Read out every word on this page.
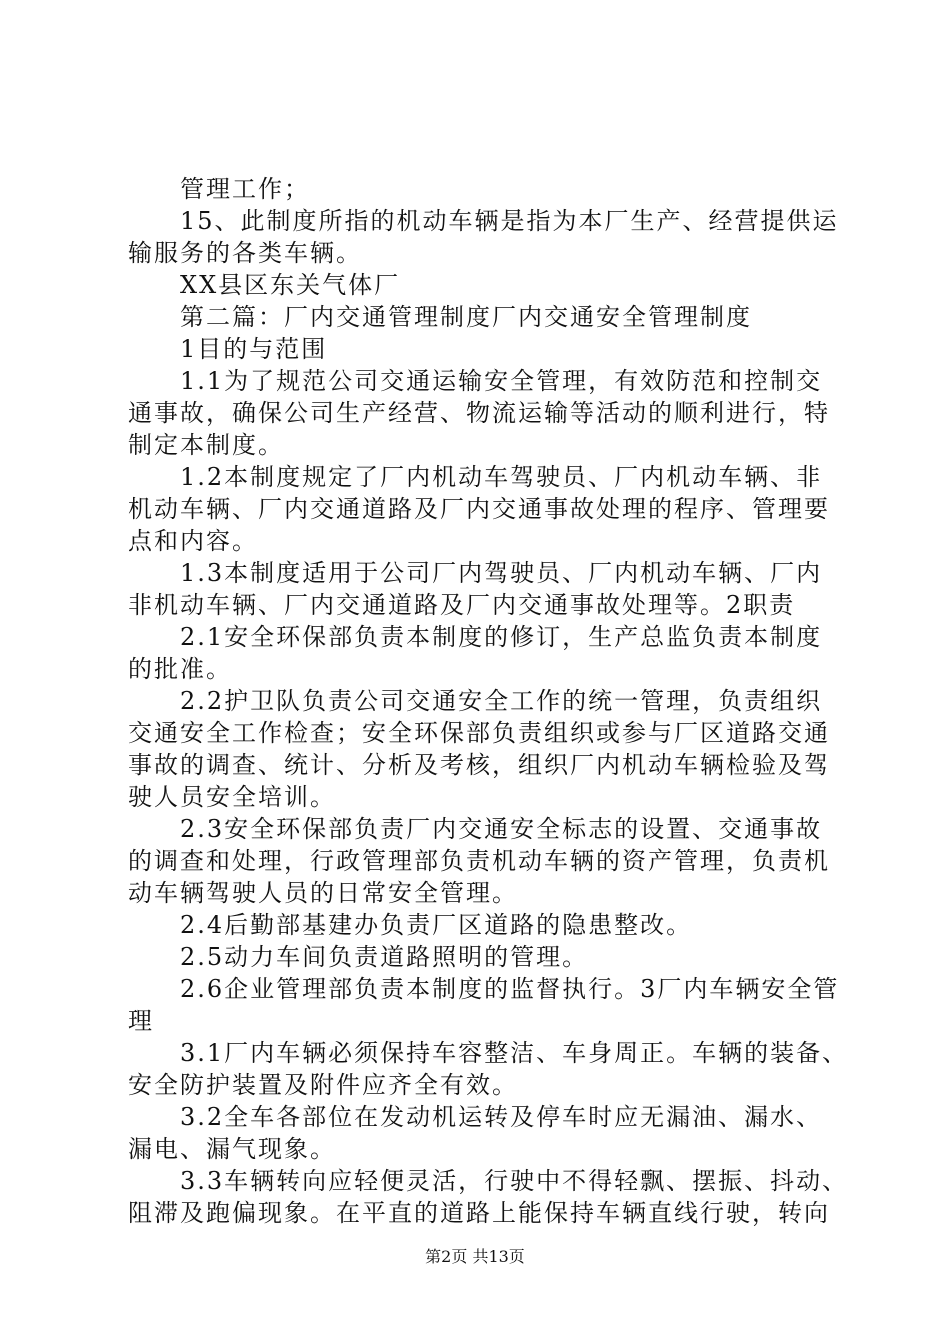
管理工作；
15、此制度所指的机动车辆是指为本厂生产、经营提供运
输服务的各类车辆。
XX县区东关气体厂
第二篇：厂内交通管理制度厂内交通安全管理制度
1目的与范围
1.1为了规范公司交通运输安全管理，有效防范和控制交
通事故，确保公司生产经营、物流运输等活动的顺利进行，特
制定本制度。
1.2本制度规定了厂内机动车驾驶员、厂内机动车辆、非
机动车辆、厂内交通道路及厂内交通事故处理的程序、管理要
点和内容。
1.3本制度适用于公司厂内驾驶员、厂内机动车辆、厂内
非机动车辆、厂内交通道路及厂内交通事故处理等。2职责
2.1安全环保部负责本制度的修订，生产总监负责本制度
的批准。
2.2护卫队负责公司交通安全工作的统一管理，负责组织
交通安全工作检查；安全环保部负责组织或参与厂区道路交通
事故的调查、统计、分析及考核，组织厂内机动车辆检验及驾
驶人员安全培训。
2.3安全环保部负责厂内交通安全标志的设置、交通事故
的调查和处理，行政管理部负责机动车辆的资产管理，负责机
动车辆驾驶人员的日常安全管理。
2.4后勤部基建办负责厂区道路的隐患整改。
2.5动力车间负责道路照明的管理。
2.6企业管理部负责本制度的监督执行。3厂内车辆安全管
理
3.1厂内车辆必须保持车容整洁、车身周正。车辆的装备、
安全防护装置及附件应齐全有效。
3.2全车各部位在发动机运转及停车时应无漏油、漏水、
漏电、漏气现象。
3.3车辆转向应轻便灵活，行驶中不得轻飘、摆振、抖动、
阻滞及跑偏现象。在平直的道路上能保持车辆直线行驶，转向
第2页 共13页
